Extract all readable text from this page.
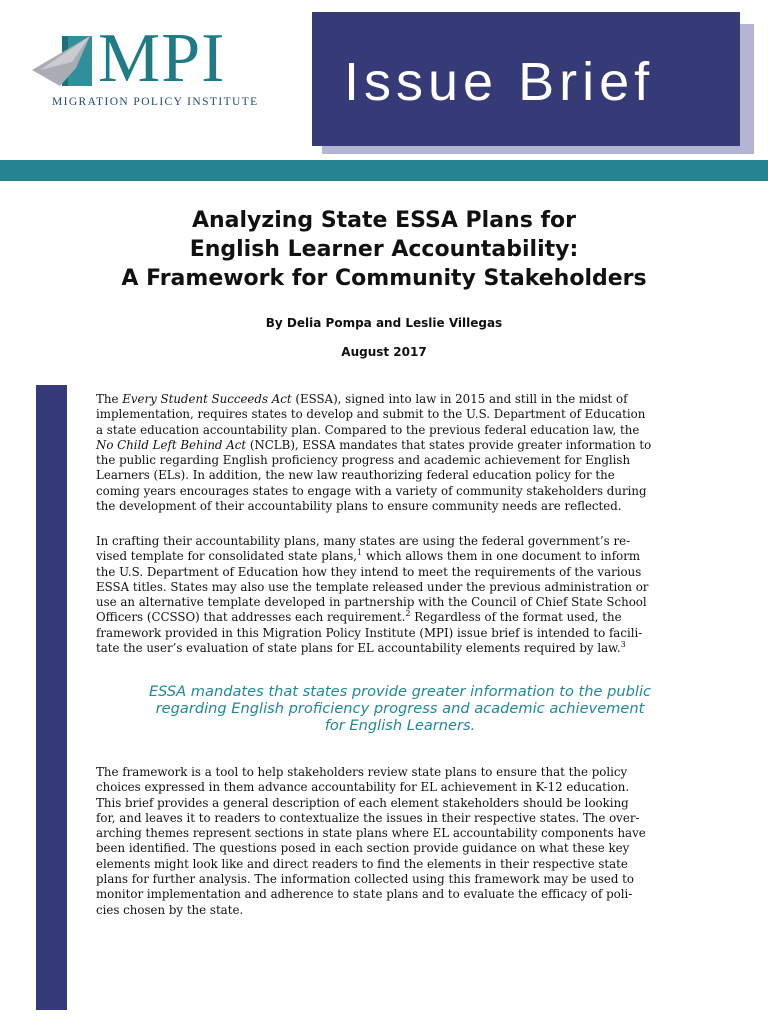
MPI
MIGRATION POLICY INSTITUTE Issue Brief
Analyzing State ESSA Plans for
English Learner Accountability:
A Framework for Community Stakeholders
By Delia Pompa and Leslie Villegas
August 2017
The Every Student Succeeds Act (ESSA), signed into law in 2015 and still in the midst of
implementation, requires states to develop and submit to the U.S. Department of Education
a state education accountability plan. Compared to the previous federal education law, the
No Child Left Behind Act (NCLB), ESSA mandates that states provide greater information to
the public regarding English proficiency progress and academic achievement for English
Learners (ELs). In addition, the new law reauthorizing federal education policy for the
coming years encourages states to engage with a variety of community stakeholders during
the development of their accountability plans to ensure community needs are reflected.
In crafting their accountability plans, many states are using the federal government’s re-
vised template for consolidated state plans,$^1$ which allows them in one document to inform
the U.S. Department of Education how they intend to meet the requirements of the various
ESSA titles. States may also use the template released under the previous administration or
use an alternative template developed in partnership with the Council of Chief State School
Officers (CCSSO) that addresses each requirement.$^2$ Regardless of the format used, the
framework provided in this Migration Policy Institute (MPI) issue brief is intended to facili-
tate the user’s evaluation of state plans for EL accountability elements required by law.$^3$
ESSA mandates that states provide greater information to the public
regarding English proficiency progress and academic achievement
for English Learners.
The framework is a tool to help stakeholders review state plans to ensure that the policy
choices expressed in them advance accountability for EL achievement in K-12 education.
This brief provides a general description of each element stakeholders should be looking
for, and leaves it to readers to contextualize the issues in their respective states. The over-
arching themes represent sections in state plans where EL accountability components have
been identified. The questions posed in each section provide guidance on what these key
elements might look like and direct readers to find the elements in their respective state
plans for further analysis. The information collected using this framework may be used to
monitor implementation and adherence to state plans and to evaluate the efficacy of poli-
cies chosen by the state.
